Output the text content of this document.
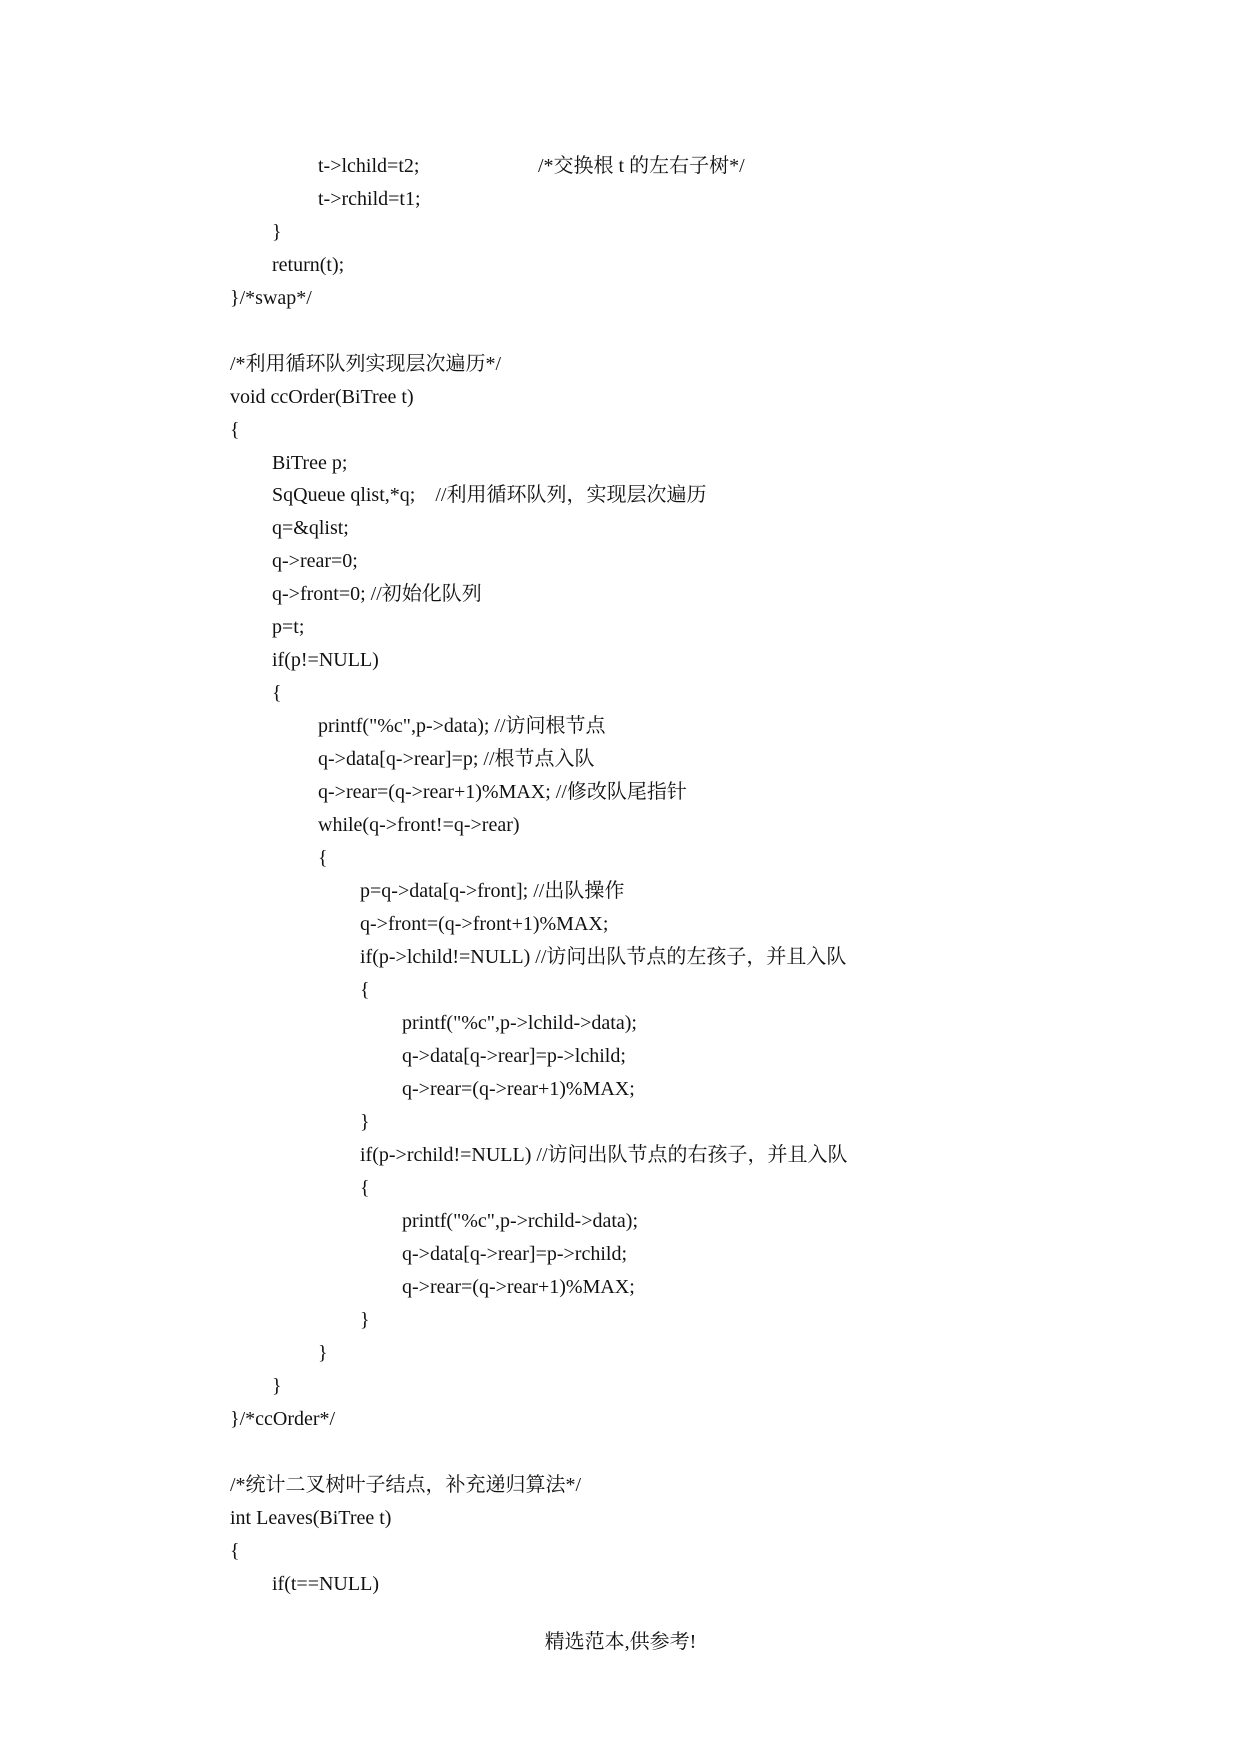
t->lchild=t2;	/*交换根 t 的左右子树*/
t->rchild=t1;
}
return(t);
}/*swap*/
/*利用循环队列实现层次遍历*/
void ccOrder(BiTree t)
{
BiTree p;
SqQueue qlist,*q;    //利用循环队列，实现层次遍历
q=&qlist;
q->rear=0;
q->front=0; //初始化队列
p=t;
if(p!=NULL)
{
printf("%c",p->data); //访问根节点
q->data[q->rear]=p; //根节点入队
q->rear=(q->rear+1)%MAX; //修改队尾指针
while(q->front!=q->rear)
{
p=q->data[q->front]; //出队操作
q->front=(q->front+1)%MAX;
if(p->lchild!=NULL) //访问出队节点的左孩子，并且入队
{
printf("%c",p->lchild->data);
q->data[q->rear]=p->lchild;
q->rear=(q->rear+1)%MAX;
}
if(p->rchild!=NULL) //访问出队节点的右孩子，并且入队
{
printf("%c",p->rchild->data);
q->data[q->rear]=p->rchild;
q->rear=(q->rear+1)%MAX;
}
}
}
}/*ccOrder*/
/*统计二叉树叶子结点，补充递归算法*/
int Leaves(BiTree t)
{
if(t==NULL)
精选范本,供参考!
